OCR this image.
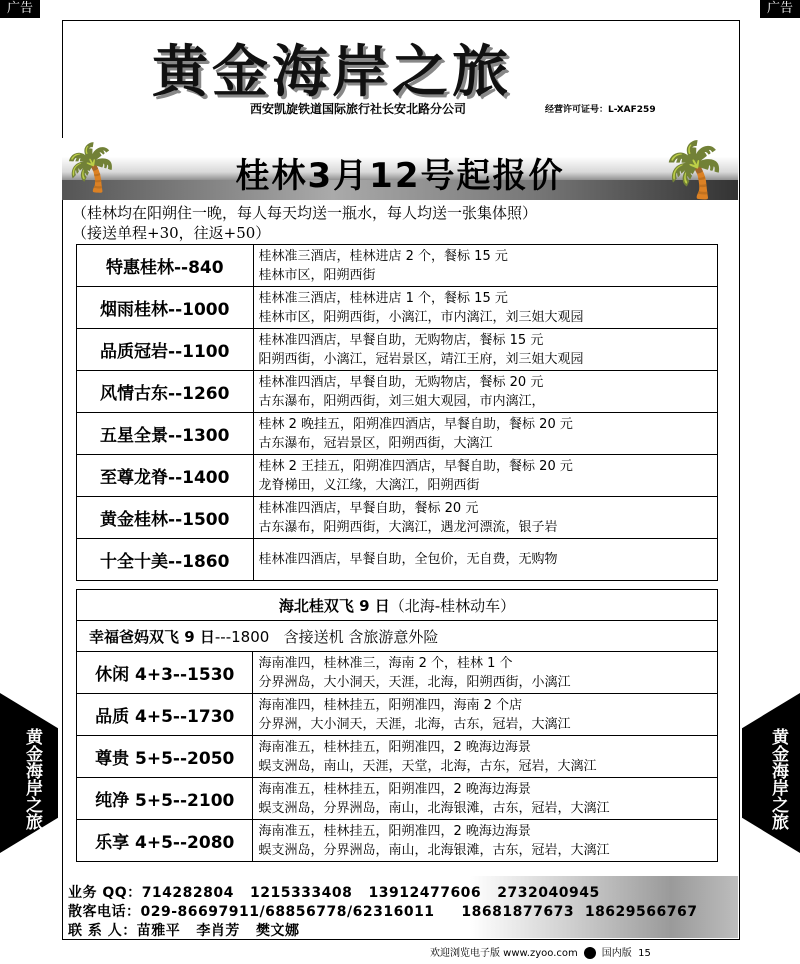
广告	广告
黄金海岸之旅
西安凯旋铁道国际旅行社长安北路分公司	经营许可证号：L-XAF259
🌴	🌴
桂林3月12号起报价
（桂林均在阳朔住一晚，每人每天均送一瓶水，每人均送一张集体照）
（接送单程+30，往返+50）
特惠桂林--840	桂林准三酒店，桂林进店 2 个，餐标 15 元
桂林市区，阳朔西街

烟雨桂林--1000	桂林准三酒店，桂林进店 1 个，餐标 15 元
桂林市区，阳朔西街，小漓江，市内漓江，刘三姐大观园

品质冠岩--1100	桂林准四酒店，早餐自助，无购物店，餐标 15 元
阳朔西街，小漓江，冠岩景区，靖江王府，刘三姐大观园

风情古东--1260	桂林准四酒店，早餐自助，无购物店，餐标 20 元
古东瀑布，阳朔西街，刘三姐大观园，市内漓江，

五星全景--1300	桂林 2 晚挂五，阳朔准四酒店，早餐自助，餐标 20 元
古东瀑布，冠岩景区，阳朔西街，大漓江

至尊龙脊--1400	桂林 2 王挂五，阳朔准四酒店，早餐自助，餐标 20 元
龙脊梯田，义江缘，大漓江，阳朔西街

黄金桂林--1500	桂林准四酒店，早餐自助，餐标 20 元
古东瀑布，阳朔西街，大漓江，遇龙河漂流，银子岩

十全十美--1860	桂林准四酒店，早餐自助，全包价，无自费，无购物
海北桂双飞 9 日（北海-桂林动车）	
幸福爸妈双飞 9 日---1800 含接送机 含旅游意外险	
休闲 4+3--1530	海南准四，桂林准三，海南 2 个，桂林 1 个
分界洲岛，大小洞天，天涯，北海，阳朔西街，小漓江

品质 4+5--1730	海南准四，桂林挂五，阳朔准四，海南 2 个店
分界洲，大小洞天，天涯，北海，古东，冠岩，大漓江

尊贵 5+5--2050	海南准五，桂林挂五，阳朔准四，2 晚海边海景
蜈支洲岛，南山，天涯，天堂，北海，古东，冠岩，大漓江

纯净 5+5--2100	海南准五，桂林挂五，阳朔准四，2 晚海边海景
蜈支洲岛，分界洲岛，南山，北海银滩，古东，冠岩，大漓江

乐享 4+5--2080	海南准五，桂林挂五，阳朔准四，2 晚海边海景
蜈支洲岛，分界洲岛，南山，北海银滩，古东，冠岩，大漓江
业务 QQ：714282804   1215333408   13912477606   2732040945
散客电话：029-86697911/68856778/62316011     18681877673  18629566767
联 系 人：苗雅平   李肖芳   樊文娜
黄金海岸之旅	黄金海岸之旅
欢迎浏览电子版 www.zyoo.com 国内版 15
